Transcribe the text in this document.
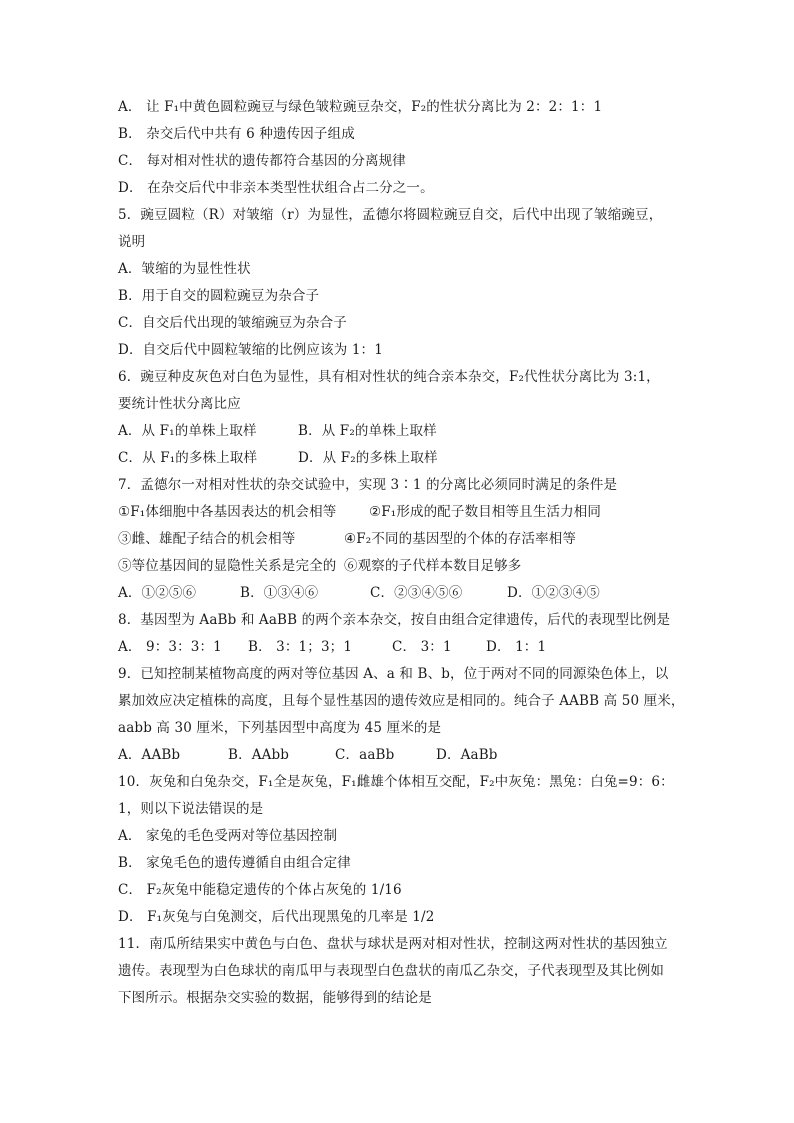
A． 让 F₁中黄色圆粒豌豆与绿色皱粒豌豆杂交，F₂的性状分离比为 2：2：1：1
B． 杂交后代中共有 6 种遗传因子组成
C． 每对相对性状的遗传都符合基因的分离规律
D． 在杂交后代中非亲本类型性状组合占二分之一。
5．豌豆圆粒（R）对皱缩（r）为显性，孟德尔将圆粒豌豆自交，后代中出现了皱缩豌豆，
说明
A．皱缩的为显性性状
B．用于自交的圆粒豌豆为杂合子
C．自交后代出现的皱缩豌豆为杂合子
D．自交后代中圆粒皱缩的比例应该为 1：1
6．豌豆种皮灰色对白色为显性，具有相对性状的纯合亲本杂交，F₂代性状分离比为 3:1，
要统计性状分离比应
A．从 F₁的单株上取样	B．从 F₂的单株上取样
C．从 F₁的多株上取样	D．从 F₂的多株上取样
7．孟德尔一对相对性状的杂交试验中，实现 3∶1 的分离比必须同时满足的条件是
①F₁体细胞中各基因表达的机会相等	②F₁形成的配子数目相等且生活力相同
③雌、雄配子结合的机会相等	④F₂不同的基因型的个体的存活率相等
⑤等位基因间的显隐性关系是完全的 ⑥观察的子代样本数目足够多
A．①②⑤⑥	B．①③④⑥	C．②③④⑤⑥	D．①②③④⑤
8．基因型为 AaBb 和 AaBB 的两个亲本杂交，按自由组合定律遗传，后代的表现型比例是
A． 9：3：3：1	B． 3：1；3；1	C． 3：1	D． 1：1
9．已知控制某植物高度的两对等位基因 A、a 和 B、b，位于两对不同的同源染色体上，以
累加效应决定植株的高度，且每个显性基因的遗传效应是相同的。纯合子 AABB 高 50 厘米，
aabb 高 30 厘米，下列基因型中高度为 45 厘米的是
A．AABb	B．AAbb	C．aaBb	D．AaBb
10．灰兔和白兔杂交，F₁全是灰兔，F₁雌雄个体相互交配，F₂中灰兔：黑兔：白兔=9：6：
1，则以下说法错误的是
A． 家兔的毛色受两对等位基因控制
B． 家兔毛色的遗传遵循自由组合定律
C． F₂灰兔中能稳定遗传的个体占灰兔的 1/16
D． F₁灰兔与白兔测交，后代出现黑兔的几率是 1/2
11．南瓜所结果实中黄色与白色、盘状与球状是两对相对性状，控制这两对性状的基因独立
遗传。表现型为白色球状的南瓜甲与表现型白色盘状的南瓜乙杂交，子代表现型及其比例如
下图所示。根据杂交实验的数据，能够得到的结论是
